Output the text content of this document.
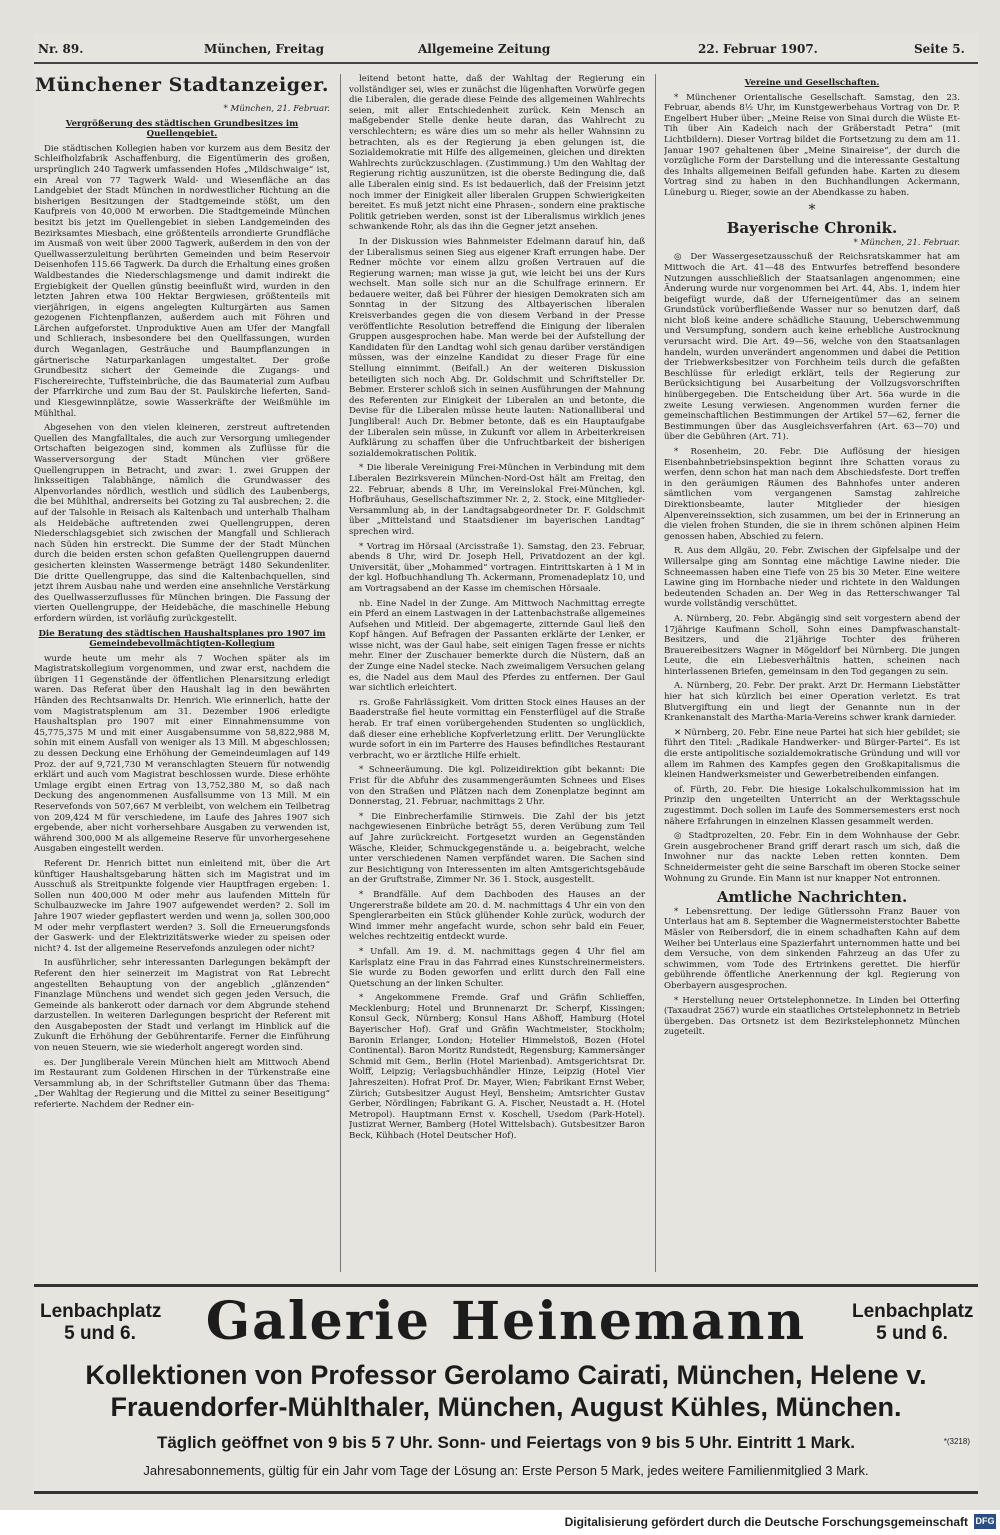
Nr. 89.	München, Freitag	Allgemeine Zeitung	22. Februar 1907.	Seite 5.
Münchener Stadtanzeiger.
* München, 21. Februar.
Vergrößerung des städtischen Grundbesitzes im Quellengebiet.

Die städtischen Kollegien haben vor kurzem aus dem Besitz der Schleifholzfabrik Aschaffenburg, die Eigentümerin des großen, ursprünglich 240 Tagwerk umfassenden Hofes „Mildschwaige“ ist, ein Areal von 77 Tagwerk Wald- und Wiesenfläche an das Landgebiet der Stadt München in nordwestlicher Richtung an die bisherigen Besitzungen der Stadtgemeinde stößt, um den Kaufpreis von 40,000 M erworben. Die Stadtgemeinde München besitzt bis jetzt im Quellengebiet in sieben Landgemeinden des Bezirksamtes Miesbach, eine größtenteils arrondierte Grundfläche im Ausmaß von weit über 2000 Tagwerk, außerdem in den von der Quellwasserzuleitung berührten Gemeinden und beim Reservoir Deisenhofen 115.66 Tagwerk. Da durch die Erhaltung eines großen Waldbestandes die Niederschlagsmenge und damit indirekt die Ergiebigkeit der Quellen günstig beeinflußt wird, wurden in den letzten Jahren etwa 100 Hektar Bergwiesen, größtenteils mit vierjährigen, in eigens angelegten Kulturgärten aus Samen gezogenen Fichtenpflanzen, außerdem auch mit Föhren und Lärchen aufgeforstet. Unproduktive Auen am Ufer der Mangfall und Schlierach, insbesondere bei den Quellfassungen, wurden durch Weganlagen, Gesträuche und Baumpflanzungen in gärtnerische Naturparkanlagen umgestaltet. Der große Grundbesitz sichert der Gemeinde die Zugangs- und Fischereirechte, Tuffsteinbrüche, die das Baumaterial zum Aufbau der Pfarrkirche und zum Bau der St. Paulskirche lieferten, Sand- und Kiesgewinnplätze, sowie Wasserkräfte der Weißmühle im Mühlthal.

Abgesehen von den vielen kleineren, zerstreut auftretenden Quellen des Mangfalltales, die auch zur Versorgung umliegender Ortschaften beigezogen sind, kommen als Zuflüsse für die Wasserversorgung der Stadt München vier größere Quellengruppen in Betracht, und zwar: 1. zwei Gruppen der linksseitigen Talabhänge, nämlich die Grundwasser des Alpenvorlandes nördlich, westlich und südlich des Laubenbergs, die bei Mühlthal, andrerseits bei Gotzing zu Tal ausbrechen; 2. die auf der Talsohle in Reisach als Kaltenbach und unterhalb Thalham als Heidebäche auftretenden zwei Quellengruppen, deren Niederschlagsgebiet sich zwischen der Mangfall und Schlierach nach Süden hin erstreckt. Die Summe der der Stadt München durch die beiden ersten schon gefaßten Quellengruppen dauernd gesicherten kleinsten Wassermenge beträgt 1480 Sekundenliter. Die dritte Quellengruppe, das sind die Kaltenbachquellen, sind jetzt ihrem Ausbau nahe und werden eine ansehnliche Verstärkung des Quellwasserzuflusses für München bringen. Die Fassung der vierten Quellengruppe, der Heidebäche, die maschinelle Hebung erfordern würden, ist vorläufig zurückgestellt.

Die Beratung des städtischen Haushaltsplanes pro 1907 im Gemeindebevollmächtigten-Kollegium

wurde heute um mehr als 7 Wochen später als im Magistratskollegium vorgenommen, und zwar erst, nachdem die übrigen 11 Gegenstände der öffentlichen Plenarsitzung erledigt waren. Das Referat über den Haushalt lag in den bewährten Händen des Rechtsanwalts Dr. Henrich. Wie erinnerlich, hatte der vom Magistratsplenum am 31. Dezember 1906 erledigte Haushaltsplan pro 1907 mit einer Einnahmensumme von 45,775,375 M und mit einer Ausgabensumme von 58,822,988 M, sohin mit einem Ausfall von weniger als 13 Mill. M abgeschlossen; zu dessen Deckung eine Erhöhung der Gemeindeumlagen auf 149 Proz. der auf 9,721,730 M veranschlagten Steuern für notwendig erklärt und auch vom Magistrat beschlossen wurde. Diese erhöhte Umlage ergibt einen Ertrag von 13,752,380 M, so daß nach Deckung des angenommenen Ausfallsumme von 13 Mill. M ein Reservefonds von 507,667 M verbleibt, von welchem ein Teilbetrag von 209,424 M für verschiedene, im Laufe des Jahres 1907 sich ergebende, aber nicht vorhersehbare Ausgaben zu verwenden ist, während 300,000 M als allgemeine Reserve für unvorhergesehene Ausgaben eingestellt werden.

Referent Dr. Henrich bittet nun einleitend mit, über die Art künftiger Haushaltsgebarung hätten sich im Magistrat und im Ausschuß als Streitpunkte folgende vier Hauptfragen ergeben: 1. Sollen nun 400,000 M oder mehr aus laufenden Mitteln für Schulbauzwecke im Jahre 1907 aufgewendet werden? 2. Soll im Jahre 1907 wieder gepflastert werden und wenn ja, sollen 300,000 M oder mehr verpflastert werden? 3. Soll die Erneuerungsfonds der Gaswerk- und der Elektrizitätswerke wieder zu speisen oder nicht? 4. Ist der allgemeine Reservefonds anzulegen oder nicht?

In ausführlicher, sehr interessanten Darlegungen bekämpft der Referent den hier seinerzeit im Magistrat von Rat Lebrecht angestellten Behauptung von der angeblich „glänzenden“ Finanzlage Münchens und wendet sich gegen jeden Versuch, die Gemeinde als bankerott oder darnach vor dem Abgrunde stehend darzustellen. In weiteren Darlegungen bespricht der Referent mit den Ausgabeposten der Stadt und verlangt im Hinblick auf die Zukunft die Erhöhung der Gebührentarife. Ferner die Einführung von neuen Steuern, wie sie wiederholt angeregt worden sind.

es. Der Jungliberale Verein München hielt am Mittwoch Abend im Restaurant zum Goldenen Hirschen in der Türkenstraße eine Versammlung ab, in der Schriftsteller Gutmann über das Thema: „Der Wahltag der Regierung und die Mittel zu seiner Beseitigung“ referierte. Nachdem der Redner ein-

leitend betont hatte, daß der Wahltag der Regierung ein vollständiger sei, wies er zunächst die lügenhaften Vorwürfe gegen die Liberalen, die gerade diese Feinde des allgemeinen Wahlrechts seien, mit aller Entschiedenheit zurück. Kein Mensch an maßgebender Stelle denke heute daran, das Wahlrecht zu verschlechtern; es wäre dies um so mehr als heller Wahnsinn zu betrachten, als es der Regierung ja eben gelungen ist, die Sozialdemokratie mit Hilfe des allgemeinen, gleichen und direkten Wahlrechts zurückzuschlagen. (Zustimmung.) Um den Wahltag der Regierung richtig auszunützen, ist die oberste Bedingung die, daß alle Liberalen einig sind. Es ist bedauerlich, daß der Freisinn jetzt noch immer der Einigkeit aller liberalen Gruppen Schwierigkeiten bereitet. Es muß jetzt nicht eine Phrasen-, sondern eine praktische Politik getrieben werden, sonst ist der Liberalismus wirklich jenes schwankende Rohr, als das ihn die Gegner jetzt ansehen.

In der Diskussion wies Bahnmeister Edelmann darauf hin, daß der Liberalismus seinen Sieg aus eigener Kraft errungen habe. Der Redner möchte vor einem allzu großen Vertrauen auf die Regierung warnen; man wisse ja gut, wie leicht bei uns der Kurs wechselt. Man solle sich nur an die Schulfrage erinnern. Er bedauere weiter, daß bei Führer der hiesigen Demokraten sich am Sonntag in der Sitzung des Altbayerischen liberalen Kreisverbandes gegen die von diesem Verband in der Presse veröffentlichte Resolution betreffend die Einigung der liberalen Gruppen ausgesprochen habe. Man werde bei der Aufstellung der Kandidaten für den Landtag wohl sich genau darüber verständigen müssen, was der einzelne Kandidat zu dieser Frage für eine Stellung einnimmt. (Beifall.) An der weiteren Diskussion beteiligten sich noch Abg. Dr. Goldschmit und Schriftsteller Dr. Bebmer. Ersterer schloß sich in seinen Ausführungen der Mahnung des Referenten zur Einigkeit der Liberalen an und betonte, die Devise für die Liberalen müsse heute lauten: Nationalliberal und Jungliberal! Auch Dr. Bebmer betonte, daß es ein Hauptaufgabe der Liberalen sein müsse, in Zukunft vor allem in Arbeiterkreisen Aufklärung zu schaffen über die Unfruchtbarkeit der bisherigen sozialdemokratischen Politik.

* Die liberale Vereinigung Frei-München in Verbindung mit dem Liberalen Bezirksverein München-Nord-Ost hält am Freitag, den 22. Februar, abends 8 Uhr, im Vereinslokal Frei-München, kgl. Hofbräuhaus, Gesellschaftszimmer Nr. 2, 2. Stock, eine Mitglieder-Versammlung ab, in der Landtagsabgeordneter Dr. F. Goldschmit über „Mittelstand und Staatsdiener im bayerischen Landtag“ sprechen wird.

* Vortrag im Hörsaal (Arcisstraße 1). Samstag, den 23. Februar, abends 8 Uhr, wird Dr. Joseph Hell, Privatdozent an der kgl. Universität, über „Mohammed“ vortragen. Eintrittskarten à 1 M in der kgl. Hofbuchhandlung Th. Ackermann, Promenadeplatz 10, und am Vortragsabend an der Kasse im chemischen Hörsaale.

nb. Eine Nadel in der Zunge. Am Mittwoch Nachmittag erregte ein Pferd an einem Lastwagen in der Lattenbachstraße allgemeines Aufsehen und Mitleid. Der abgemagerte, zitternde Gaul ließ den Kopf hängen. Auf Befragen der Passanten erklärte der Lenker, er wisse nicht, was der Gaul habe, seit einigen Tagen fresse er nichts mehr. Einer der Zuschauer bemerkte durch die Nüstern, daß an der Zunge eine Nadel stecke. Nach zweimaligem Versuchen gelang es, die Nadel aus dem Maul des Pferdes zu entfernen. Der Gaul war sichtlich erleichtert.

rs. Große Fahrlässigkeit. Vom dritten Stock eines Hauses an der Baaderstraße fiel heute vormittag ein Fensterflügel auf die Straße herab. Er traf einen vorübergehenden Studenten so unglücklich, daß dieser eine erhebliche Kopfverletzung erlitt. Der Verunglückte wurde sofort in ein im Parterre des Hauses befindliches Restaurant verbracht, wo er ärztliche Hilfe erhielt.

* Schneeräumung. Die kgl. Polizeidirektion gibt bekannt: Die Frist für die Abfuhr des zusammengeräumten Schnees und Eises von den Straßen und Plätzen nach dem Zonenplatze beginnt am Donnerstag, 21. Februar, nachmittags 2 Uhr.

* Die Einbrecherfamilie Stirnweis. Die Zahl der bis jetzt nachgewiesenen Einbrüche beträgt 55, deren Verübung zum Teil auf Jahre zurückreicht. Fortgesetzt wurden an Gegenständen Wäsche, Kleider, Schmuckgegenstände u. a. beigebracht, welche unter verschiedenen Namen verpfändet waren. Die Sachen sind zur Besichtigung von Interessenten im alten Amtsgerichtsgebäude an der Gruftstraße, Zimmer Nr. 36 1. Stock, ausgestellt.

* Brandfälle. Auf dem Dachboden des Hauses an der Ungererstraße bildete am 20. d. M. nachmittags 4 Uhr ein von den Spenglerarbeiten ein Stück glühender Kohle zurück, wodurch der Wind immer mehr angefacht wurde, schon sehr bald ein Feuer, welches rechtzeitig entdeckt wurde.

* Unfall. Am 19. d. M. nachmittags gegen 4 Uhr fiel am Karlsplatz eine Frau in das Fahrrad eines Kunstschreinermeisters. Sie wurde zu Boden geworfen und erlitt durch den Fall eine Quetschung an der linken Schulter.

* Angekommene Fremde. Graf und Gräfin Schlieffen, Mecklenburg; Hotel und Brunnenarzt Dr. Scherpf, Kissingen; Konsul Geck, Nürnberg; Konsul Hans Aßhoff, Hamburg (Hotel Bayerischer Hof). Graf und Gräfin Wachtmeister, Stockholm; Baronin Erlanger, London; Hotelier Himmelstoß, Bozen (Hotel Continental). Baron Moritz Rundstedt, Regensburg; Kammersänger Schmid mit Gem., Berlin (Hotel Marienbad). Amtsgerichtsrat Dr. Wolff, Leipzig; Verlagsbuchhändler Hinze, Leipzig (Hotel Vier Jahreszeiten). Hofrat Prof. Dr. Mayer, Wien; Fabrikant Ernst Weber, Zürich; Gutsbesitzer August Heyl, Bensheim; Amtsrichter Gustav Gerber, Nördlingen; Fabrikant G. A. Fischer, Neustadt a. H. (Hotel Metropol). Hauptmann Ernst v. Koschell, Usedom (Park-Hotel). Justizrat Werner, Bamberg (Hotel Wittelsbach). Gutsbesitzer Baron Beck, Kühbach (Hotel Deutscher Hof).

Vereine und Gesellschaften.

* Münchener Orientalische Gesellschaft. Samstag, den 23. Februar, abends 8½ Uhr, im Kunstgewerbehaus Vortrag von Dr. P. Engelbert Huber über: „Meine Reise von Sinai durch die Wüste Et-Tih über Ain Kadeich nach der Gräberstadt Petra“ (mit Lichtbildern). Dieser Vortrag bildet die Fortsetzung zu dem am 11. Januar 1907 gehaltenen über „Meine Sinaireise“, der durch die vorzügliche Form der Darstellung und die interessante Gestaltung des Inhalts allgemeinen Beifall gefunden habe. Karten zu diesem Vortrag sind zu haben in den Buchhandlungen Ackermann, Lüneburg u. Rieger, sowie an der Abendkasse zu haben.

*
Bayerische Chronik.
* München, 21. Februar.

◎ Der Wassergesetzausschuß der Reichsratskammer hat am Mittwoch die Art. 41—48 des Entwurfes betreffend besondere Nutzungen ausschließlich der Staatsanlagen angenommen; eine Änderung wurde nur vorgenommen bei Art. 44, Abs. 1, indem hier beigefügt wurde, daß der Uferneigentümer das an seinem Grundstück vorüberfließende Wasser nur so benutzen darf, daß nicht bloß keine andere schädliche Stauung, Ueberschwemmung und Versumpfung, sondern auch keine erhebliche Austrocknung verursacht wird. Die Art. 49—56, welche von den Staatsanlagen handeln, wurden unverändert angenommen und dabei die Petition der Triebwerksbesitzer von Forchheim teils durch die gefaßten Beschlüsse für erledigt erklärt, teils der Regierung zur Berücksichtigung bei Ausarbeitung der Vollzugsvorschriften hinübergegeben. Die Entscheidung über Art. 56a wurde in die zweite Lesung verwiesen. Angenommen wurden ferner die gemeinschaftlichen Bestimmungen der Artikel 57—62, ferner die Bestimmungen über das Ausgleichsverfahren (Art. 63—70) und über die Gebühren (Art. 71).

* Rosenheim, 20. Febr. Die Auflösung der hiesigen Eisenbahnbetriebsinspektion beginnt ihre Schatten voraus zu werfen, denn schon hat man nach dem Abschiedsfeste. Dort treffen in den geräumigen Räumen des Bahnhofes unter anderen sämtlichen vom vergangenen Samstag zahlreiche Direktionsbeamte, lauter Mitglieder der hiesigen Alpenvereinssektion, sich zusammen, um bei der in Erinnerung an die vielen frohen Stunden, die sie in ihrem schönen alpinen Heim genossen haben, Abschied zu feiern.

R. Aus dem Allgäu, 20. Febr. Zwischen der Gipfelsalpe und der Willersalpe ging am Sonntag eine mächtige Lawine nieder. Die Schneemassen haben eine Tiefe von 25 bis 30 Meter. Eine weitere Lawine ging im Hornbache nieder und richtete in den Waldungen bedeutenden Schaden an. Der Weg in das Retterschwanger Tal wurde vollständig verschüttet.

A. Nürnberg, 20. Febr. Abgängig sind seit vorgestern abend der 17jährige Kaufmann Scholl, Sohn eines Dampfwaschanstalt-Besitzers, und die 21jährige Tochter des früheren Brauereibesitzers Wagner in Mögeldorf bei Nürnberg. Die jungen Leute, die ein Liebesverhältnis hatten, scheinen nach hinterlassenen Briefen, gemeinsam in den Tod gegangen zu sein.

A. Nürnberg, 20. Febr. Der prakt. Arzt Dr. Hermann Liebstätter hier hat sich kürzlich bei einer Operation verletzt. Es trat Blutvergiftung ein und liegt der Genannte nun in der Krankenanstalt des Martha-Maria-Vereins schwer krank darnieder.

✕ Nürnberg, 20. Febr. Eine neue Partei hat sich hier gebildet; sie führt den Titel: „Radikale Handwerker- und Bürger-Partei“. Es ist die erste antipolitische sozialdemokratische Gründung und will vor allem im Rahmen des Kampfes gegen den Großkapitalismus die kleinen Handwerksmeister und Gewerbetreibenden einfangen.

of. Fürth, 20. Febr. Die hiesige Lokalschulkommission hat im Prinzip den ungeteilten Unterricht an der Werktagsschule zugestimmt. Doch sollen im Laufe des Sommersemesters erst noch nähere Erfahrungen in einzelnen Klassen gesammelt werden.

◎ Stadtprozelten, 20. Febr. Ein in dem Wohnhause der Gebr. Grein ausgebrochener Brand griff derart rasch um sich, daß die Inwohner nur das nackte Leben retten konnten. Dem Schneidermeister geht die seine Barschaft im oberen Stocke seiner Wohnung zu Grunde. Ein Mann ist nur knapper Not entronnen.

Amtliche Nachrichten.

* Lebensrettung. Der ledige Gütlerssohn Franz Bauer von Unterlaus hat am 8. September die Wagnermeisterstochter Babette Mäsler von Reibersdorf, die in einem schadhaften Kahn auf dem Weiher bei Unterlaus eine Spazierfahrt unternommen hatte und bei dem Versuche, von dem sinkenden Fahrzeug an das Ufer zu schwimmen, vom Tode des Ertrinkens gerettet. Die hierfür gebührende öffentliche Anerkennung der kgl. Regierung von Oberbayern ausgesprochen.

* Herstellung neuer Ortstelephonnetze. In Linden bei Otterfing (Taxaudrat 2567) wurde ein staatliches Ortstelephonnetz in Betrieb übergeben. Das Ortsnetz ist dem Bezirkstelephonnetz München zugeteilt.

Lenbachplatz 5 und 6.	Galerie Heinemann	Lenbachplatz 5 und 6.
Kollektionen von Professor Gerolamo Cairati, München, Helene v. Frauendorfer-Mühlthaler, München, August Kühles, München.
Täglich geöffnet von 9 bis 5 7 Uhr. Sonn- und Feiertags von 9 bis 5 Uhr. Eintritt 1 Mark.	*(3218)
Jahresabonnements, gültig für ein Jahr vom Tage der Lösung an: Erste Person 5 Mark, jedes weitere Familienmitglied 3 Mark.
Digitalisierung gefördert durch die Deutsche Forschungsgemeinschaft DFG
